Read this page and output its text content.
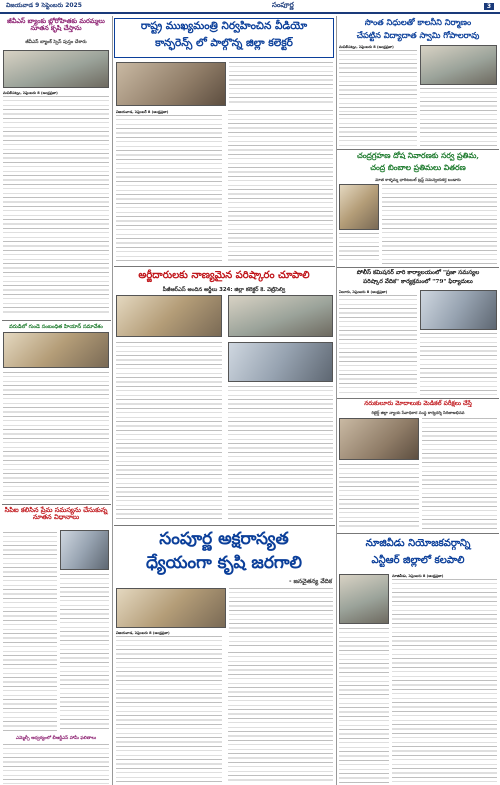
విజయవాడ 9 సెప్టెంబరు 2025	సంపూర్ణ	3
జీవీఎస్ బ్యాంకు బ్లోరోహితకు మరమ్మలు నూతన కృషి చేస్తాను
జీవీఎస్ బ్యాంక్ స్పెస్ పుస్తం చేశారు
మచిలీపట్నం, సెప్టెంబరు 8 (ఆంధ్రప్రజా)
వరుడిలో గుండె సంబంధిత హియాన్ సమావేశం
సిపిఐ కలిసిన ప్రేమ సమస్యను చేసుకున్న నూతన విధానాలు
ఎమ్మెల్సీ ఆధ్వర్యంలో బీఆర్టీఎస్ హామీ ఫలితాలు
రాష్ట్ర ముఖ్యమంత్రి నిర్వహించిన వీడియో
కాన్ఫరెన్స్ లో పాల్గొన్న జిల్లా కలెక్టర్
విజయవాడ, సెప్టెంబర్ 8 (ఆంధ్రప్రజా)
అర్జీదారులకు నాణ్యమైన పరిష్కారం చూపాలి
పీజీఆర్ఎస్ అందిన అర్జీలు 324: జిల్లా కలెక్టర్ కె. వెట్రిసెల్వి
సంపూర్ణ అక్షరాస్యత
ధ్యేయంగా కృషి జరగాలి
- జనచైతన్య వేదిక
విజయవాడ, సెప్టెంబరు 8 (ఆంధ్రప్రజా)
సొంత నిధులతో కాలనీని నిర్మాణం
చేపట్టిన విద్యాదాత స్వామి గోపాలరావు
మచిలీపట్నం, సెప్టెంబరు 8 (ఆంధ్రప్రజా)
చంద్రగ్రహణ దోష నివారణకు సర్వ ప్రతిమ,
చంద్ర బింబాల ప్రతిమలు వితరణ
మాత కాళ్ళమ్మ ఛారిటబుల్ ట్రస్ట్ సమన్వయకర్త బండారు
పోలీస్ కమిషనర్ వారి కార్యాలయంలో "ప్రజా సమస్యల
పరిష్కార వేదిక" కార్యక్రమంలో "79" ఫిర్యాదులు
ఏలూరు, సెప్టెంబరు 8 (ఆంధ్రప్రజా)
నరుకులూరు మోదాలుకు మెడికల్ పరీక్షలు చేస్తే
రిటైర్డ్ జిల్లా న్యాయ సేవాధికార సంస్థ కార్యదర్శి సిరిజాఅభినవ
నూజివీడు నియోజకవర్గాన్ని
ఎన్టీఆర్ జిల్లాలో కలపాలి
నూజివీడు, సెప్టెంబరు 8 (ఆంధ్రప్రజా)
